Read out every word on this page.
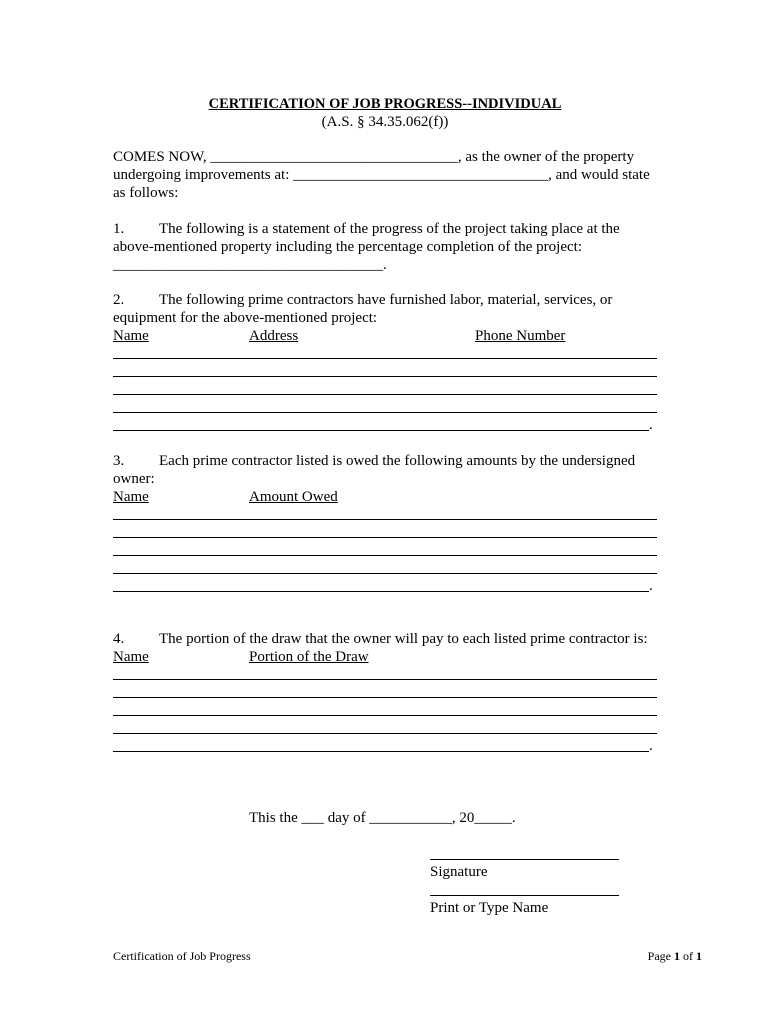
CERTIFICATION OF JOB PROGRESS--INDIVIDUAL
(A.S. § 34.35.062(f))
COMES NOW, _________________________________, as the owner of the property
undergoing improvements at: __________________________________, and would state
as follows:
1. The following is a statement of the progress of the project taking place at the
above-mentioned property including the percentage completion of the project:
____________________________________.
2. The following prime contractors have furnished labor, material, services, or
equipment for the above-mentioned project:
Name	Address	Phone Number
.
3. Each prime contractor listed is owed the following amounts by the undersigned
owner:
Name	Amount Owed
.
4. The portion of the draw that the owner will pay to each listed prime contractor is:
Name	Portion of the Draw
.
This the ___ day of ___________, 20_____.
Signature
Print or Type Name
Certification of Job Progress	Page 1 of 1
